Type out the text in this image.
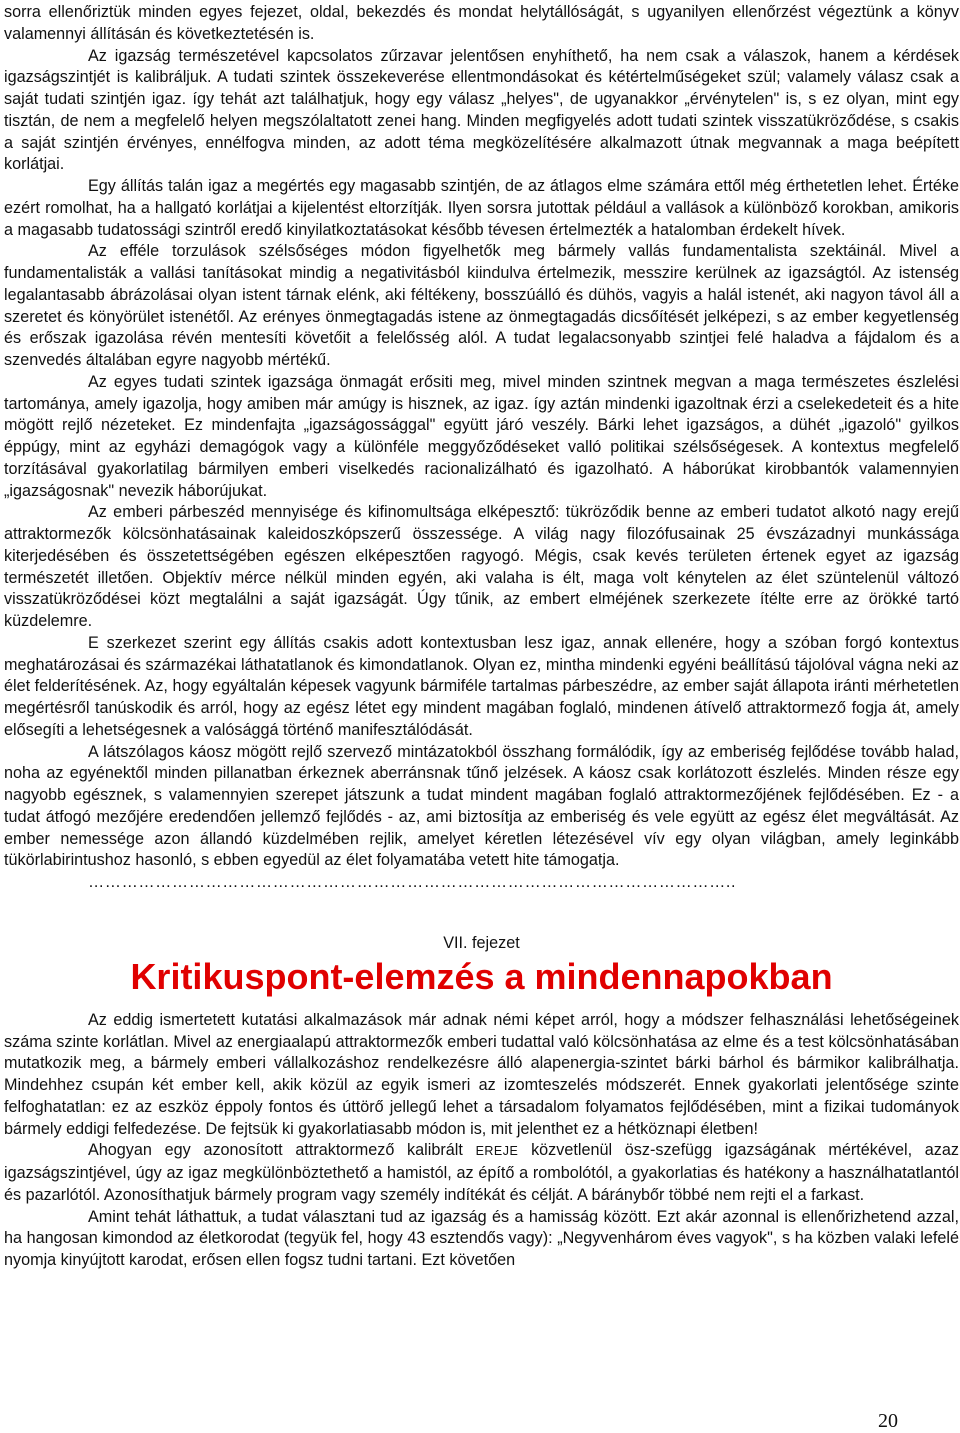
sorra ellenőriztük minden egyes fejezet, oldal, bekezdés és mondat helytállóságát, s ugyanilyen ellenőrzést végeztünk a könyv valamennyi állításán és következtetésén is.

Az igazság természetével kapcsolatos zűrzavar jelentősen enyhíthető, ha nem csak a válaszok, hanem a kérdések igazságszintjét is kalibráljuk. A tudati szintek összekeverése ellentmondásokat és kétértelműségeket szül; valamely válasz csak a saját tudati szintjén igaz. így tehát azt találhatjuk, hogy egy válasz „helyes", de ugyanakkor „érvénytelen" is, s ez olyan, mint egy tisztán, de nem a megfelelő helyen megszólaltatott zenei hang. Minden megfigyelés adott tudati szintek visszatükröződése, s csakis a saját szintjén érvényes, ennélfogva minden, az adott téma megközelítésére alkalmazott útnak megvannak a maga beépített korlátjai.

Egy állítás talán igaz a megértés egy magasabb szintjén, de az átlagos elme számára ettől még érthetetlen lehet. Értéke ezért romolhat, ha a hallgató korlátjai a kijelentést eltorzítják. Ilyen sorsra jutottak például a vallások a különböző korokban, amikoris a magasabb tudatossági szintről eredő kinyilatkoztatásokat később tévesen értelmezték a hatalomban érdekelt hívek.

Az efféle torzulások szélsőséges módon figyelhetők meg bármely vallás fundamentalista szektáinál. Mivel a fundamentalisták a vallási tanításokat mindig a negativitásból kiindulva értelmezik, messzire kerülnek az igazságtól. Az istenség legalantasabb ábrázolásai olyan istent tárnak elénk, aki féltékeny, bosszúálló és dühös, vagyis a halál istenét, aki nagyon távol áll a szeretet és könyörület istenétől. Az erényes önmegtagadás istene az önmegtagadás dicsőítését jelképezi, s az ember kegyetlenség és erőszak igazolása révén mentesíti követőit a felelősség alól. A tudat legalacsonyabb szintjei felé haladva a fájdalom és a szenvedés általában egyre nagyobb mértékű.

Az egyes tudati szintek igazsága önmagát erősiti meg, mivel minden szintnek megvan a maga természetes észlelési tartománya, amely igazolja, hogy amiben már amúgy is hisznek, az igaz. így aztán mindenki igazoltnak érzi a cselekedeteit és a hite mögött rejlő nézeteket. Ez mindenfajta „igazságossággal" együtt járó veszély. Bárki lehet igazságos, a dühét „igazoló" gyilkos éppúgy, mint az egyházi demagógok vagy a különféle meggyőződéseket valló politikai szélsőségesek. A kontextus megfelelő torzításával gyakorlatilag bármilyen emberi viselkedés racionalizálható és igazolható. A háborúkat kirobbantók valamennyien „igazságosnak" nevezik háborújukat.

Az emberi párbeszéd mennyisége és kifinomultsága elképesztő: tükröződik benne az emberi tudatot alkotó nagy erejű attraktormezők kölcsönhatásainak kaleidoszkópszerű összessége. A világ nagy filozófusainak 25 évszázadnyi munkássága kiterjedésében és összetettségében egészen elképesztően ragyogó. Mégis, csak kevés területen értenek egyet az igazság természetét illetően. Objektív mérce nélkül minden egyén, aki valaha is élt, maga volt kénytelen az élet szüntelenül változó visszatükröződései közt megtalálni a saját igazságát. Úgy tűnik, az embert elméjének szerkezete ítélte erre az örökké tartó küzdelemre.

E szerkezet szerint egy állítás csakis adott kontextusban lesz igaz, annak ellenére, hogy a szóban forgó kontextus meghatározásai és származékai láthatatlanok és kimondatlanok. Olyan ez, mintha mindenki egyéni beállítású tájolóval vágna neki az élet felderítésének. Az, hogy egyáltalán képesek vagyunk bármiféle tartalmas párbeszédre, az ember saját állapota iránti mérhetetlen megértésről tanúskodik és arról, hogy az egész létet egy mindent magában foglaló, mindenen átívelő attraktormező fogja át, amely elősegíti a lehetségesnek a valósággá történő manifesztálódását.

A látszólagos káosz mögött rejlő szervező mintázatokból összhang formálódik, így az emberiség fejlődése tovább halad, noha az egyénektől minden pillanatban érkeznek aberránsnak tűnő jelzések. A káosz csak korlátozott észlelés. Minden része egy nagyobb egésznek, s valamennyien szerepet játszunk a tudat mindent magában foglaló attraktormezőjének fejlődésében. Ez - a tudat átfogó mezőjére eredendően jellemző fejlődés - az, ami biztosítja az emberiség és vele együtt az egész élet megváltását. Az ember nemessége azon állandó küzdelmében rejlik, amelyet kéretlen létezésével vív egy olyan világban, amely leginkább tükörlabirintushoz hasonló, s ebben egyedül az élet folyamatába vetett hite támogatja.

……………………………………………………………………………………………………..

VII. fejezet
Kritikuspont-elemzés a mindennapokban

Az eddig ismertetett kutatási alkalmazások már adnak némi képet arról, hogy a módszer felhasználási lehetőségeinek száma szinte korlátlan. Mivel az energiaalapú attraktormezők emberi tudattal való kölcsönhatása az elme és a test kölcsönhatásában mutatkozik meg, a bármely emberi vállalkozáshoz rendelkezésre álló alapenergia-szintet bárki bárhol és bármikor kalibrálhatja. Mindehhez csupán két ember kell, akik közül az egyik ismeri az izomteszelés módszerét. Ennek gyakorlati jelentősége szinte felfoghatatlan: ez az eszköz éppoly fontos és úttörő jellegű lehet a társadalom folyamatos fejlődésében, mint a fizikai tudományok bármely eddigi felfedezése. De fejtsük ki gyakorlatiasabb módon is, mit jelenthet ez a hétköznapi életben!

Ahogyan egy azonosított attraktormező kalibrált EREJE közvetlenül ösz-szefügg igazságának mértékével, azaz igazságszintjével, úgy az igaz megkülönböztethető a hamistól, az építő a rombolótól, a gyakorlatias és hatékony a használhatatlantól és pazarlótól. Azonosíthatjuk bármely program vagy személy indítékát és célját. A báránybőr többé nem rejti el a farkast.

Amint tehát láthattuk, a tudat választani tud az igazság és a hamisság között. Ezt akár azonnal is ellenőrizhetend azzal, ha hangosan kimondod az életkorodat (tegyük fel, hogy 43 esztendős vagy): „Negyvenhárom éves vagyok", s ha közben valaki lefelé nyomja kinyújtott karodat, erősen ellen fogsz tudni tartani. Ezt követően

20
